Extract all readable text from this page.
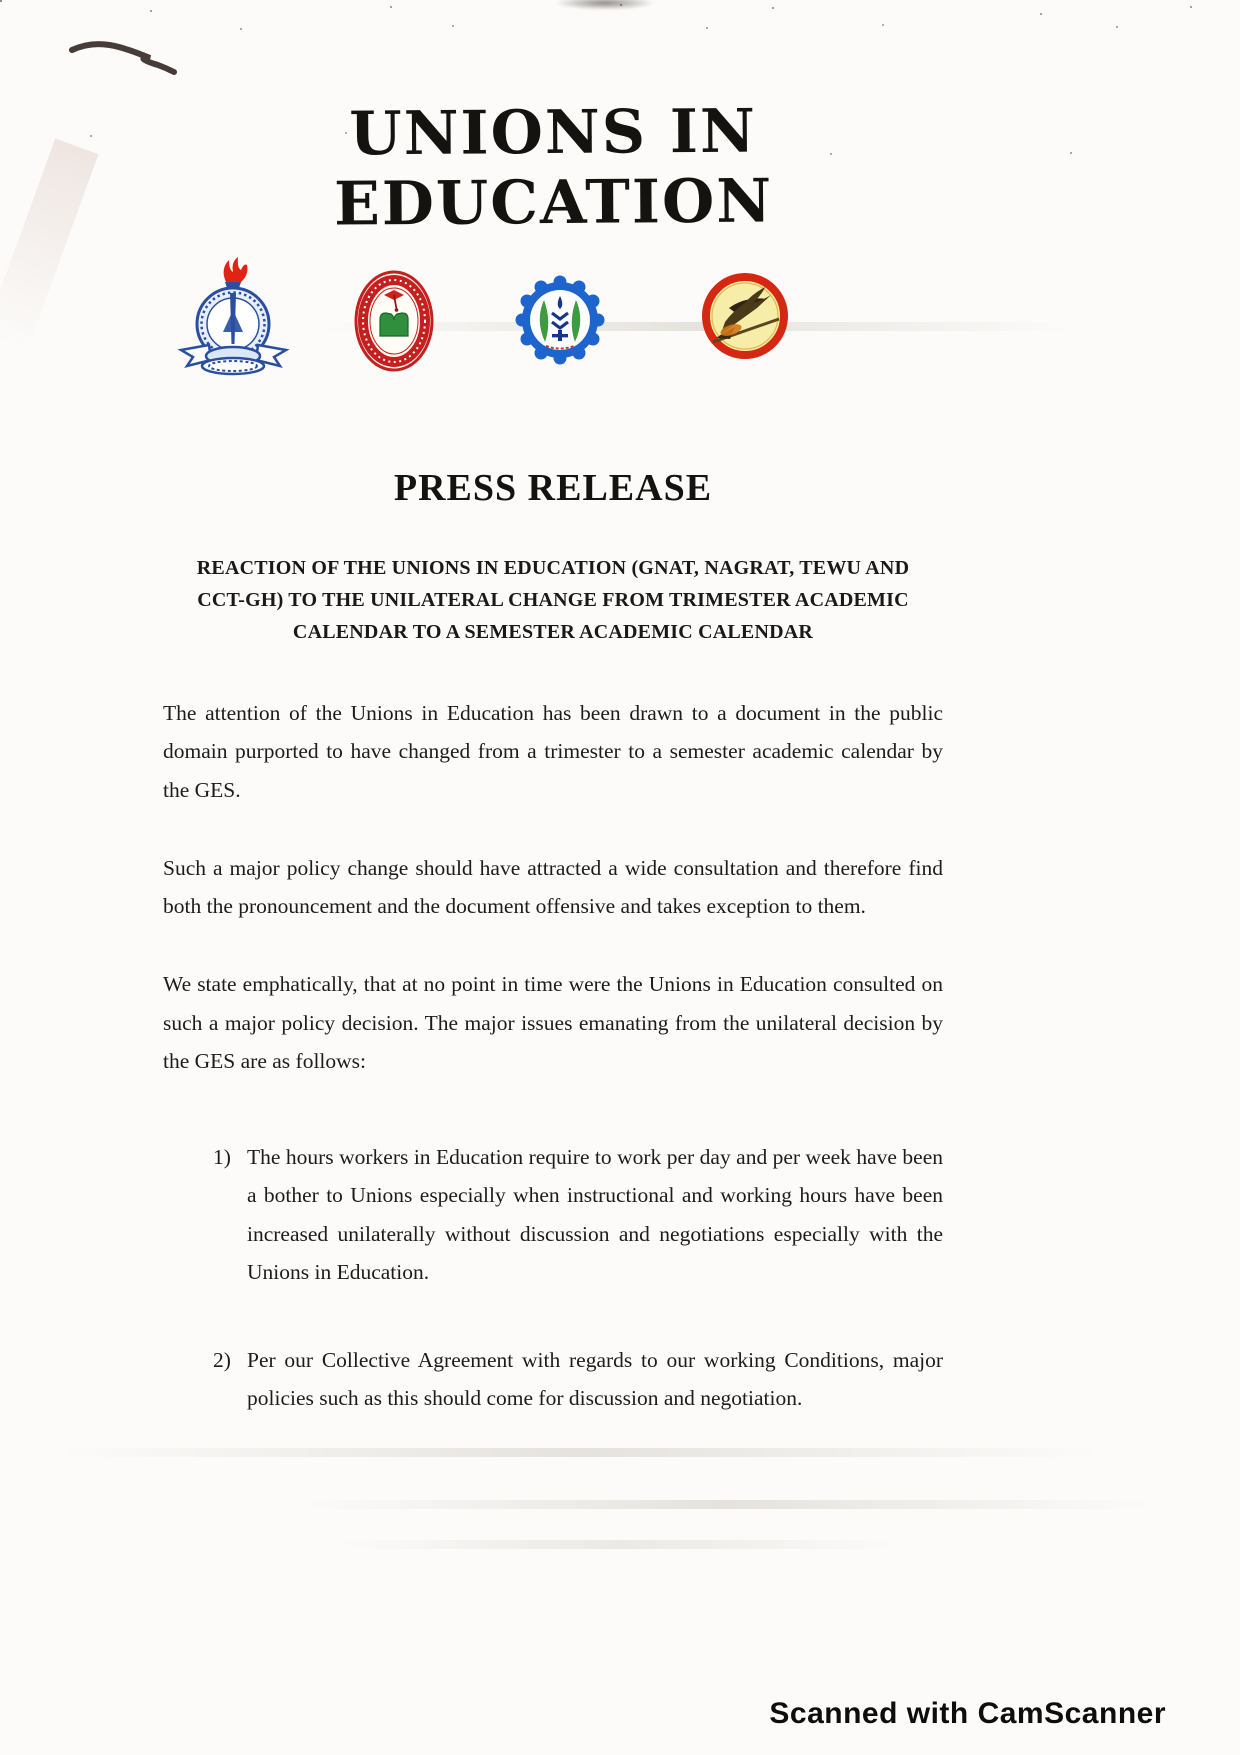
UNIONS IN EDUCATION
PRESS RELEASE
REACTION OF THE UNIONS IN EDUCATION (GNAT, NAGRAT, TEWU AND
CCT-GH) TO THE UNILATERAL CHANGE FROM TRIMESTER ACADEMIC
CALENDAR TO A SEMESTER ACADEMIC CALENDAR

The attention of the Unions in Education has been drawn to a document in the public domain purported to have changed from a trimester to a semester academic calendar by the GES.

Such a major policy change should have attracted a wide consultation and therefore find both the pronouncement and the document offensive and takes exception to them.

We state emphatically, that at no point in time were the Unions in Education consulted on such a major policy decision. The major issues emanating from the unilateral decision by the GES are as follows:

1) The hours workers in Education require to work per day and per week have been a bother to Unions especially when instructional and working hours have been increased unilaterally without discussion and negotiations especially with the Unions in Education.
2) Per our Collective Agreement with regards to our working Conditions, major policies such as this should come for discussion and negotiation.
Scanned with CamScanner
